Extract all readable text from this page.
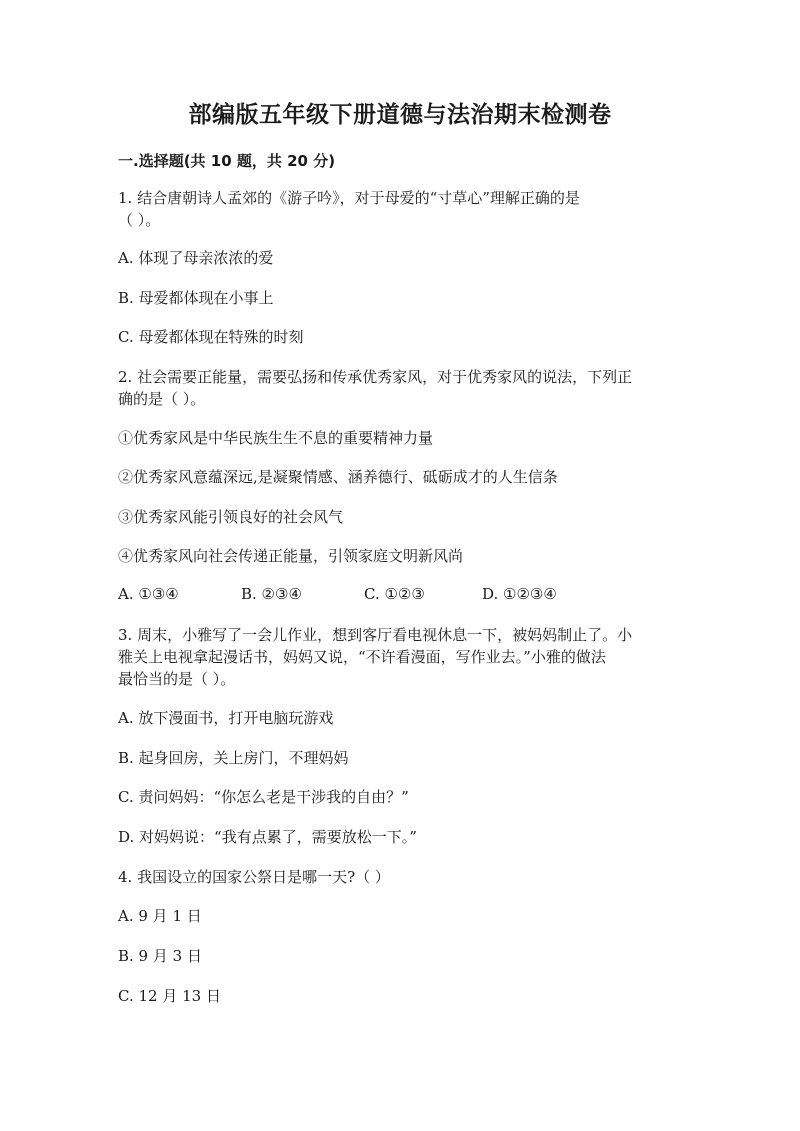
部编版五年级下册道德与法治期末检测卷
一.选择题(共 10 题，共 20 分)
1. 结合唐朝诗人孟郊的《游子吟》，对于母爱的“寸草心”理解正确的是
（ ）。
A. 体现了母亲浓浓的爱
B. 母爱都体现在小事上
C. 母爱都体现在特殊的时刻
2. 社会需要正能量，需要弘扬和传承优秀家风，对于优秀家风的说法，下列正
确的是（ ）。
①优秀家风是中华民族生生不息的重要精神力量
②优秀家风意蕴深远,是凝聚情感、涵养德行、砥砺成才的人生信条
③优秀家风能引领良好的社会风气
④优秀家风向社会传递正能量，引领家庭文明新风尚
A. ①③④	B. ②③④	C. ①②③	D. ①②③④
3. 周末，小雅写了一会儿作业，想到客厅看电视休息一下，被妈妈制止了。小
雅关上电视拿起漫话书，妈妈又说，“不许看漫面，写作业去。”小雅的做法
最恰当的是（ ）。
A. 放下漫面书，打开电脑玩游戏
B. 起身回房，关上房门，不理妈妈
C. 责问妈妈：“你怎么老是干涉我的自由？”
D. 对妈妈说：“我有点累了，需要放松一下。”
4. 我国设立的国家公祭日是哪一天?（ ）
A. 9 月 1 日
B. 9 月 3 日
C. 12 月 13 日
